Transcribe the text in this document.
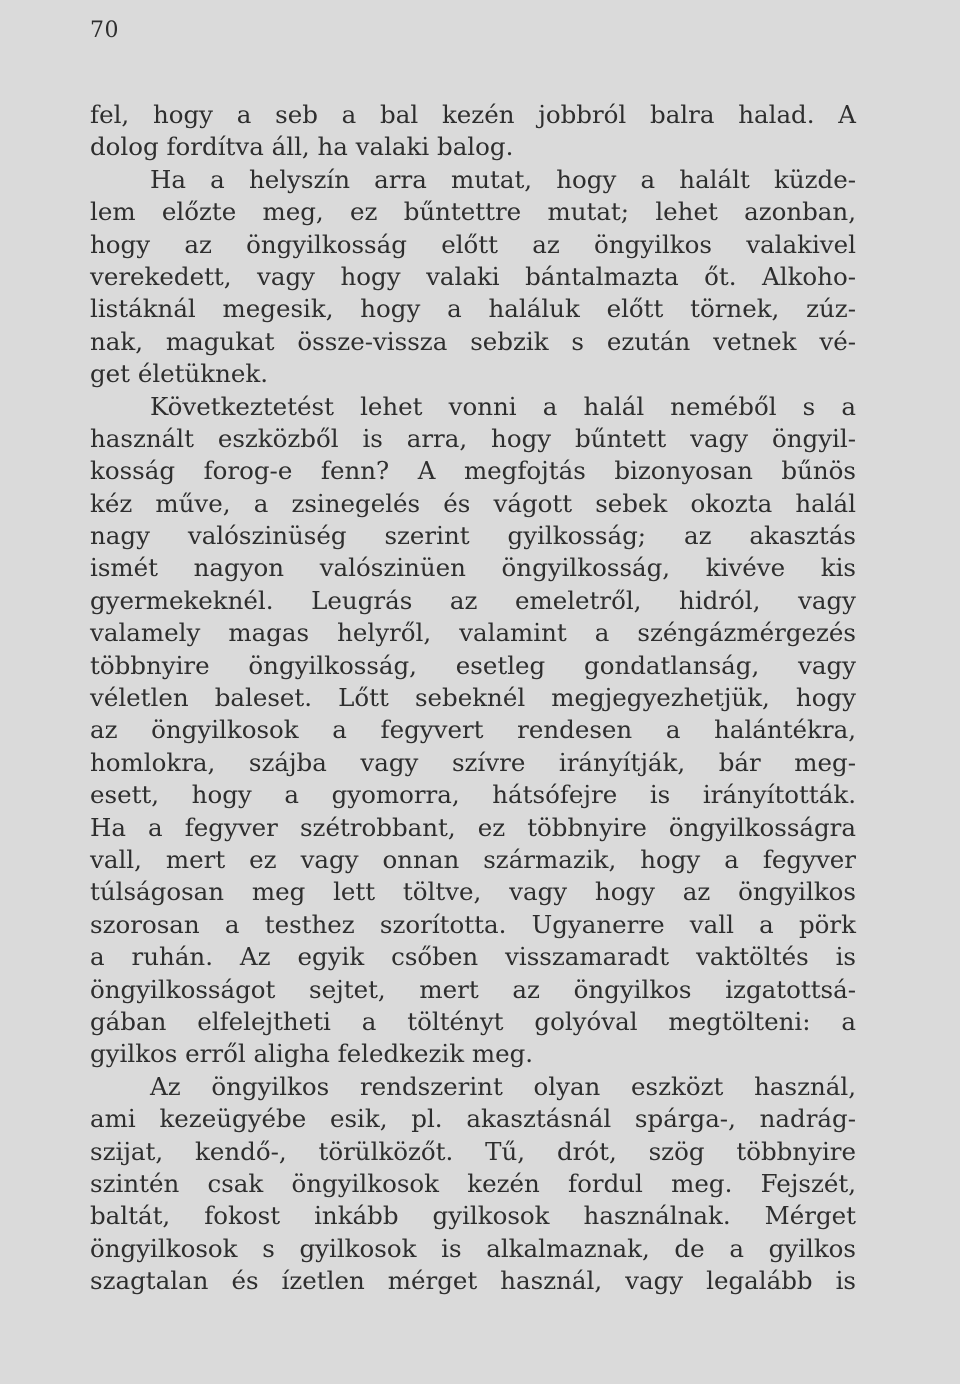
70
fel, hogy a seb a bal kezén jobbról balra halad. A
dolog fordítva áll, ha valaki balog.
Ha a helyszín arra mutat, hogy a halált küzde-
lem előzte meg, ez bűntettre mutat; lehet azonban,
hogy az öngyilkosság előtt az öngyilkos valakivel
verekedett, vagy hogy valaki bántalmazta őt. Alkoho-
listáknál megesik, hogy a haláluk előtt törnek, zúz-
nak, magukat össze-vissza sebzik s ezután vetnek vé-
get életüknek.
Következtetést lehet vonni a halál neméből s a
használt eszközből is arra, hogy bűntett vagy öngyil-
kosság forog-e fenn? A megfojtás bizonyosan bűnös
kéz műve, a zsinegelés és vágott sebek okozta halál
nagy valószinüség szerint gyilkosság; az akasztás
ismét nagyon valószinüen öngyilkosság, kivéve kis
gyermekeknél. Leugrás az emeletről, hidról, vagy
valamely magas helyről, valamint a széngázmérgezés
többnyire öngyilkosság, esetleg gondatlanság, vagy
véletlen baleset. Lőtt sebeknél megjegyezhetjük, hogy
az öngyilkosok a fegyvert rendesen a halántékra,
homlokra, szájba vagy szívre irányítják, bár meg-
esett, hogy a gyomorra, hátsófejre is irányították.
Ha a fegyver szétrobbant, ez többnyire öngyilkosságra
vall, mert ez vagy onnan származik, hogy a fegyver
túlságosan meg lett töltve, vagy hogy az öngyilkos
szorosan a testhez szorította. Ugyanerre vall a pörk
a ruhán. Az egyik csőben visszamaradt vaktöltés is
öngyilkosságot sejtet, mert az öngyilkos izgatottsá-
gában elfelejtheti a töltényt golyóval megtölteni: a
gyilkos erről aligha feledkezik meg.
Az öngyilkos rendszerint olyan eszközt használ,
ami kezeügyébe esik, pl. akasztásnál spárga-, nadrág-
szijat, kendő-, törülközőt. Tű, drót, szög többnyire
szintén csak öngyilkosok kezén fordul meg. Fejszét,
baltát, fokost inkább gyilkosok használnak. Mérget
öngyilkosok s gyilkosok is alkalmaznak, de a gyilkos
szagtalan és ízetlen mérget használ, vagy legalább is
